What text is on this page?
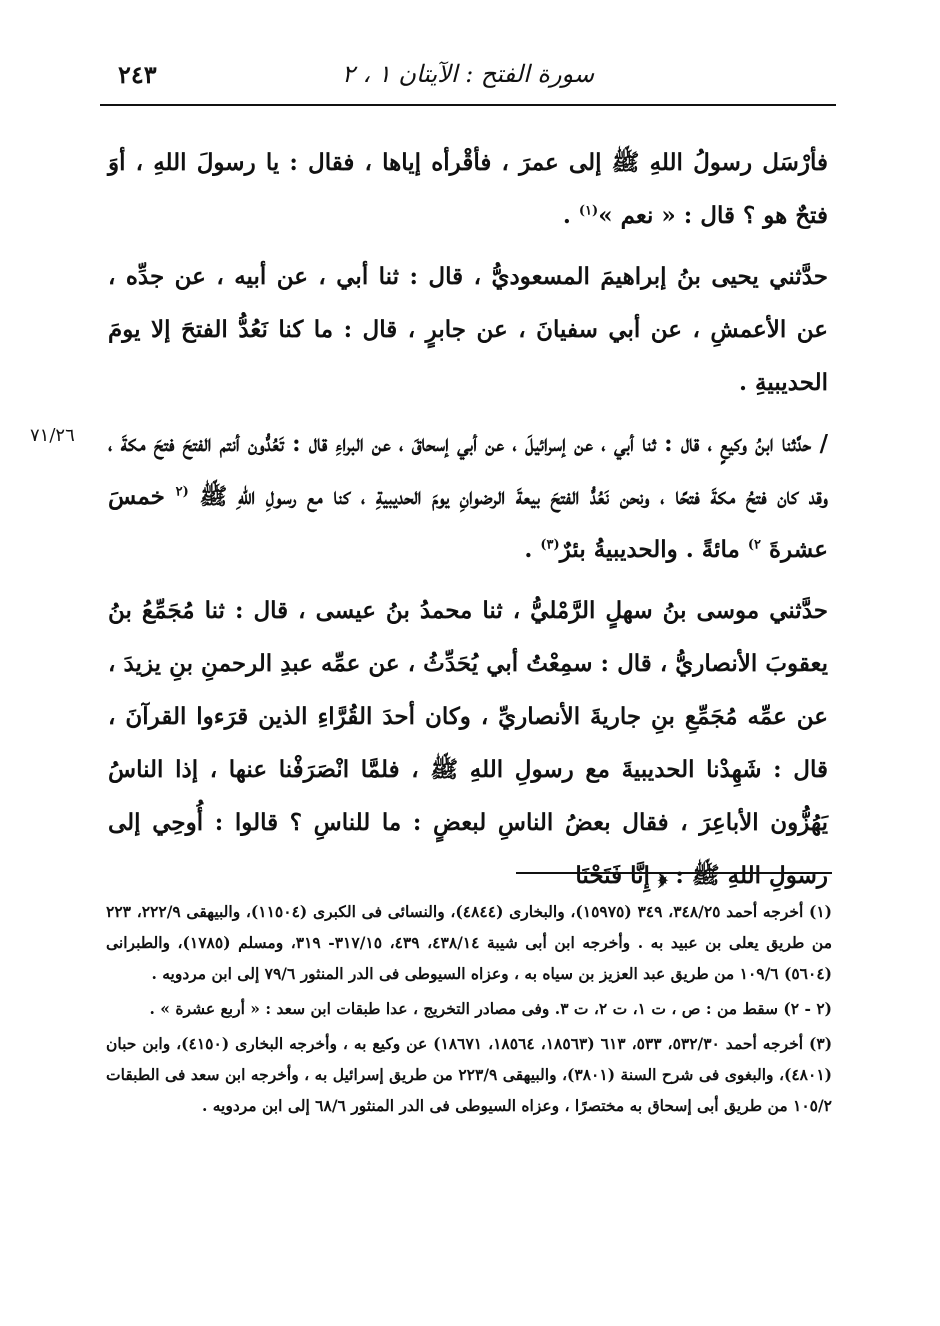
سورة الفتح : الآيتان ١ ، ٢
٢٤٣

فأرْسَل رسولُ اللهِ ﷺ إلى عمرَ ، فأقْرأه إياها ، فقال : يا رسولَ اللهِ ، أوَ فتحٌ هو ؟ قال : « نعم »$^{(١)}$ .

حدَّثني يحيى بنُ إبراهيمَ المسعوديُّ ، قال : ثنا أبي ، عن أبيه ، عن جدِّه ، عن الأعمشِ ، عن أبي سفيانَ ، عن جابرٍ ، قال : ما كنا نَعُدُّ الفتحَ إلا يومَ الحديبيةِ .

٧١/٢٦	/ حدَّثنا ابنُ وكيعٍ ، قال : ثنا أبي ، عن إسرائيلَ ، عن أبي إسحاقَ ، عن البراءِ قال : تَعُدُّون أنتم الفتحَ فتحَ مكةَ ، وقد كان فتحُ مكةَ فتحًا ، ونحن نَعُدُّ الفتحَ بيعةَ الرضوانِ يومَ الحديبيةِ ، كنا مع رسولِ اللهِ ﷺ $^{(٢}$ خمسَ عشرةَ $^{٢)}$ مائةً . والحديبيةُ بئرٌ$^{(٣)}$ .

حدَّثني موسى بنُ سهلٍ الرَّمْليُّ ، ثنا محمدُ بنُ عيسى ، قال : ثنا مُجَمِّعُ بنُ يعقوبَ الأنصاريُّ ، قال : سمِعْتُ أبي يُحَدِّثُ ، عن عمِّه عبدِ الرحمنِ بنِ يزيدَ ، عن عمِّه مُجَمِّعِ بنِ جاريةَ الأنصاريِّ ، وكان أحدَ القُرَّاءِ الذين قرَءوا القرآنَ ، قال : شَهِدْنا الحديبيةَ مع رسولِ اللهِ ﷺ ، فلمَّا انْصَرَفْنا عنها ، إذا الناسُ يَهُزُّون الأباعِرَ ، فقال بعضُ الناسِ لبعضٍ : ما للناسِ ؟ قالوا : أُوحِي إلى رسولِ اللهِ ﷺ : ﴿ إِنَّا فَتَحْنَا

(١) أخرجه أحمد ٣٤٨/٢٥، ٣٤٩ (١٥٩٧٥)، والبخارى (٤٨٤٤)، والنسائى فى الكبرى (١١٥٠٤)، والبيهقى ٢٢٢/٩، ٢٢٣ من طريق يعلى بن عبيد به . وأخرجه ابن أبى شيبة ٤٣٨/١٤، ٤٣٩، ٣١٧/١٥- ٣١٩، ومسلم (١٧٨٥)، والطبرانى (٥٦٠٤) ١٠٩/٦ من طريق عبد العزيز بن سياه به ، وعزاه السيوطى فى الدر المنثور ٧٩/٦ إلى ابن مردويه .

(٢ - ٢) سقط من : ص ، ت ١، ت ٢، ت ٣. وفى مصادر التخريج ، عدا طبقات ابن سعد : « أربع عشرة » .

(٣) أخرجه أحمد ٥٣٢/٣٠، ٥٣٣، ٦١٣ (١٨٥٦٣، ١٨٥٦٤، ١٨٦٧١) عن وكيع به ، وأخرجه البخارى (٤١٥٠)، وابن حبان (٤٨٠١)، والبغوى فى شرح السنة (٣٨٠١)، والبيهقى ٢٢٣/٩ من طريق إسرائيل به ، وأخرجه ابن سعد فى الطبقات ١٠٥/٢ من طريق أبى إسحاق به مختصرًا ، وعزاه السيوطى فى الدر المنثور ٦٨/٦ إلى ابن مردويه .
